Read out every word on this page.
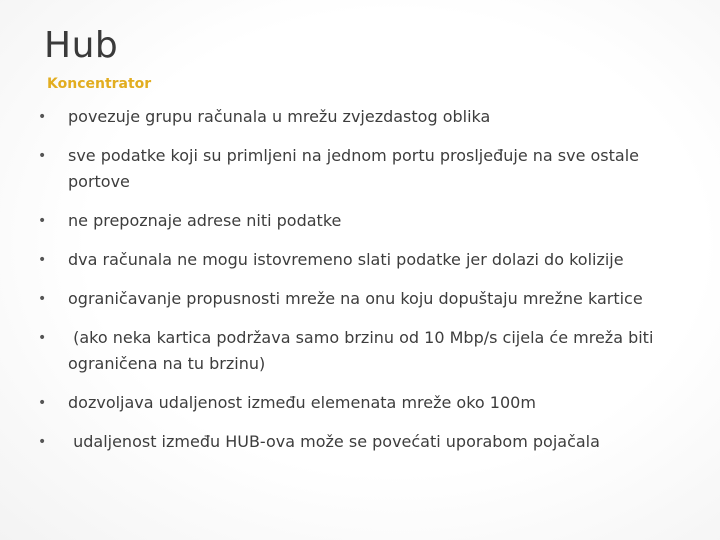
Hub
Koncentrator
• povezuje grupu računala u mrežu zvjezdastog oblika
• sve podatke koji su primljeni na jednom portu prosljeđuje na sve ostale portove
• ne prepoznaje adrese niti podatke
• dva računala ne mogu istovremeno slati podatke jer dolazi do kolizije
• ograničavanje propusnosti mreže na onu koju dopuštaju mrežne kartice
• (ako neka kartica podržava samo brzinu od 10 Mbp/s cijela će mreža biti ograničena na tu brzinu)
• dozvoljava udaljenost između elemenata mreže oko 100m
• udaljenost između HUB-ova može se povećati uporabom pojačala
